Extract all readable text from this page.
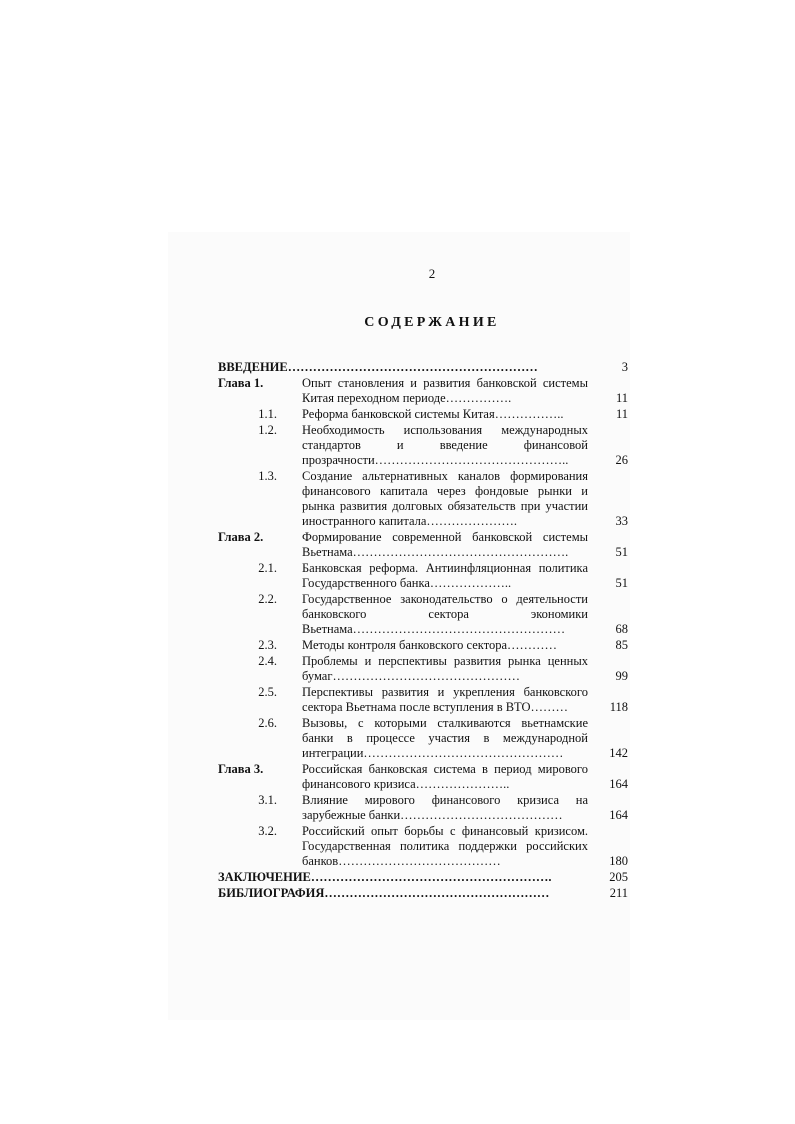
2
СОДЕРЖАНИЕ
ВВЕДЕНИЕ……………………………………………………	3
Глава 1.	Опыт становления и развития банковской системы Китая переходном периоде…………….	11
1.1. Реформа банковской системы Китая……………..	11
1.2. Необходимость использования международных стандартов и введение финансовой прозрачности………………………………………..	26
1.3. Создание альтернативных каналов формирования финансового капитала через фондовые рынки и рынка развития долговых обязательств при участии иностранного капитала………………….	33
Глава 2.	Формирование современной банковской системы Вьетнама…………………………………………….	51
2.1. Банковская реформа. Антиинфляционная политика Государственного банка………………..	51
2.2. Государственное законодательство о деятельности банковского сектора экономики Вьетнама……………………………………………	68
2.3. Методы контроля банковского сектора…………	85
2.4. Проблемы и перспективы развития рынка ценных бумаг………………………………………	99
2.5. Перспективы развития и укрепления банковского сектора Вьетнама после вступления в ВТО………	118
2.6. Вызовы, с которыми сталкиваются вьетнамские банки в процессе участия в международной интеграции…………………………………………	142
Глава 3.	Российская банковская система в период мирового финансового кризиса…………………..	164
3.1. Влияние мирового финансового кризиса на зарубежные банки…………………………………	164
3.2. Российский опыт борьбы с финансовый кризисом. Государственная политика поддержки российских банков…………………………………	180
ЗАКЛЮЧЕНИЕ………………………………………………….	205
БИБЛИОГРАФИЯ………………………………………………	211
